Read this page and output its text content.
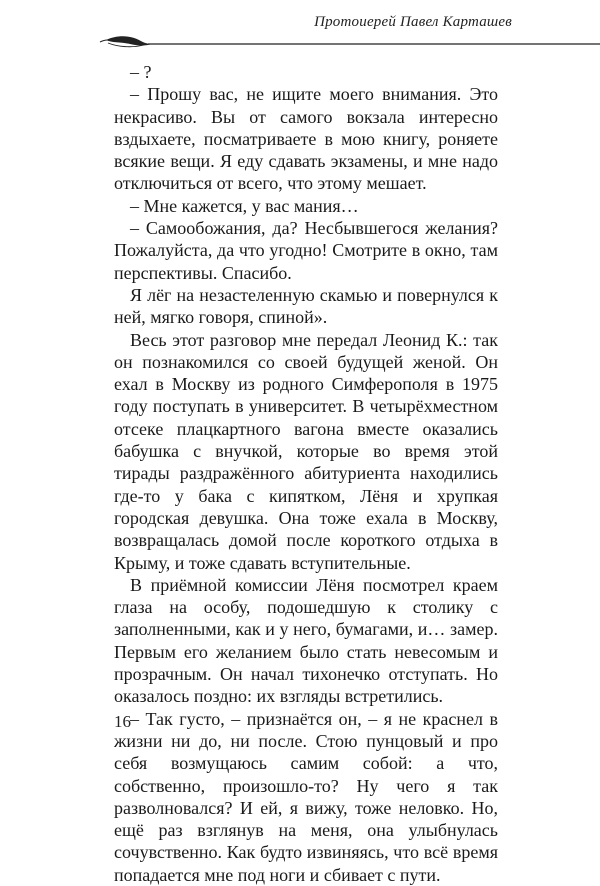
Протоиерей Павел Карташев

– ?

– Прошу вас, не ищите моего внимания. Это некрасиво. Вы от самого вокзала интересно вздыхаете, посматриваете в мою книгу, роняете всякие вещи. Я еду сдавать экзамены, и мне надо отключиться от всего, что этому мешает.

– Мне кажется, у вас мания…

– Самообожания, да? Несбывшегося желания? Пожалуйста, да что угодно! Смотрите в окно, там перспективы. Спасибо.

Я лёг на незастеленную скамью и повернулся к ней, мягко говоря, спиной».

Весь этот разговор мне передал Леонид К.: так он познакомился со своей будущей женой. Он ехал в Москву из родного Симферополя в 1975 году поступать в университет. В четырёхместном отсеке плацкартного вагона вместе оказались бабушка с внучкой, которые во время этой тирады раздражённого абитуриента находились где-то у бака с кипятком, Лёня и хрупкая городская девушка. Она тоже ехала в Москву, возвращалась домой после короткого отдыха в Крыму, и тоже сдавать вступительные.

В приёмной комиссии Лёня посмотрел краем глаза на особу, подошедшую к столику с заполненными, как и у него, бумагами, и… замер. Первым его желанием было стать невесомым и прозрачным. Он начал тихонечко отступать. Но оказалось поздно: их взгляды встретились.

– Так густо, – признаётся он, – я не краснел в жизни ни до, ни после. Стою пунцовый и про себя возмущаюсь самим собой: а что, собственно, произошло-то? Ну чего я так разволновался? И ей, я вижу, тоже неловко. Но, ещё раз взглянув на меня, она улыбнулась сочувственно. Как будто извиняясь, что всё время попадается мне под ноги и сбивает с пути.

16
